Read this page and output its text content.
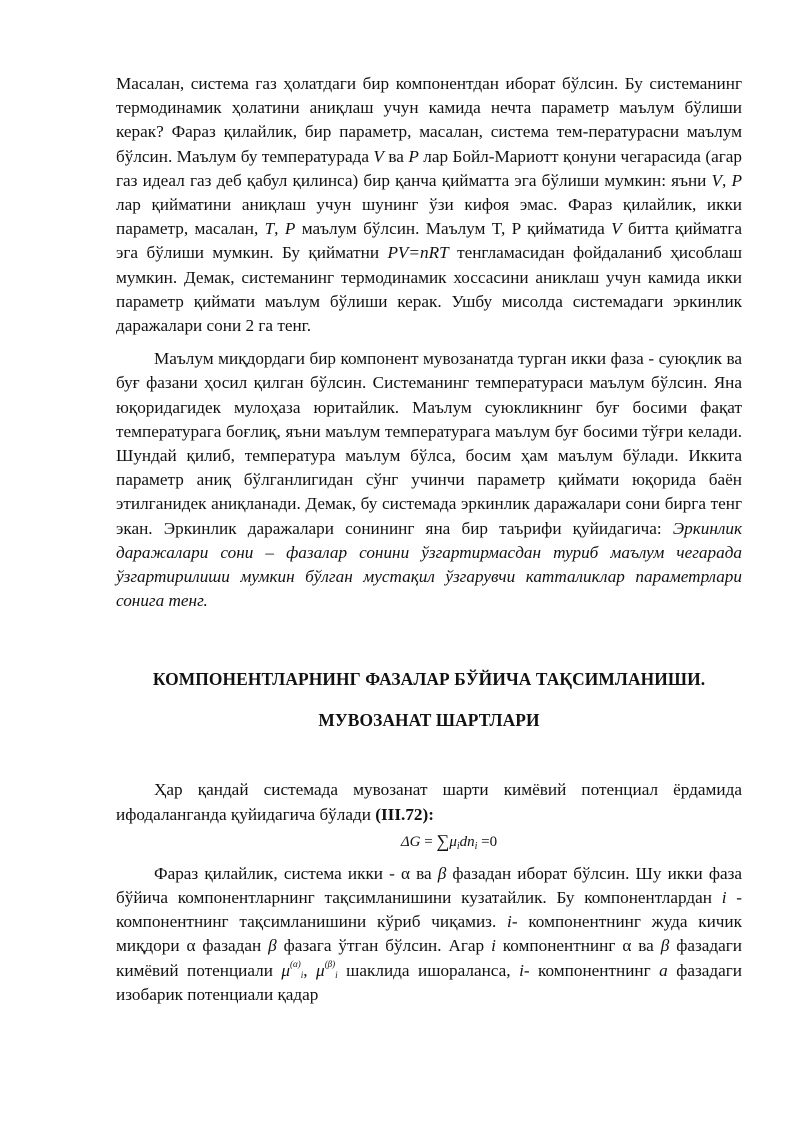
Масалан, система газ ҳолатдаги бир компонентдан иборат бўлсин. Бу системанинг термодинамик ҳолатини аниқлаш учун камида нечта параметр маълум бўлиши керак? Фараз қилайлик, бир параметр, масалан, система тем-пературасни маълум бўлсин. Маълум бу температурада V ва P лар Бойл-Мариотт қонуни чегарасида (агар газ идеал газ деб қабул қилинса) бир қанча қийматта эга бўлиши мумкин: яъни V, P лар қийматини аниқлаш учун шунинг ўзи кифоя эмас. Фараз қилайлик, икки параметр, масалан, T, P маълум бўлсин. Маълум T, P қийматида V битта қийматга эга бўлиши мумкин. Бу қийматни PV=nRT тенгламасидан фойдаланиб ҳисоблаш мумкин. Демак, системанинг термодинамик хоссасини аниклаш учун камида икки параметр қиймати маълум бўлиши керак. Ушбу мисолда системадаги эркинлик даражалари сони 2 га тенг.

Маълум миқдордаги бир компонент мувозанатда турган икки фаза - суюқлик ва буғ фазани ҳосил қилган бўлсин. Системанинг температураси маълум бўлсин. Яна юқоридагидек мулоҳаза юритайлик. Маълум суюкликнинг буғ босими фақат температурага боғлиқ, яъни маълум температурага маълум буғ босими тўғри келади. Шундай қилиб, температура маълум бўлса, босим ҳам маълум бўлади. Иккита параметр аниқ бўлганлигидан сўнг учинчи параметр қиймати юқорида баён этилганидек аниқланади. Демак, бу системада эркинлик даражалари сони бирга тенг экан. Эркинлик даражалари сонининг яна бир таърифи қуйидагича: Эркинлик даражалари сони – фазалар сонини ўзгартирмасдан туриб маълум чегарада ўзгартирилиши мумкин бўлган мустақил ўзгарувчи катталиклар параметрлари сонига тенг.

КОМПОНЕНТЛАРНИНГ ФАЗАЛАР БЎЙИЧА ТАҚСИМЛАНИШИ.

МУВОЗАНАТ ШАРТЛАРИ

Ҳар қандай системада мувозанат шарти кимёвий потенциал ёрдамида ифодаланганда қуйидагича бўлади (III.72):

$\Delta G = \sum\mu_idn_i =0$

Фараз қилайлик, система икки - α ва β фазадан иборат бўлсин. Шу икки фаза бўйича компонентларнинг тақсимланишини кузатайлик. Бу компонентлардан i - компонентнинг тақсимланишини кўриб чиқамиз. i- компонентнинг жуда кичик миқдори α фазадан β фазага ўтган бўлсин. Агар i компонентнинг α ва β фазадаги кимёвий потенциали $\mu^{(\alpha)}_i$, $\mu^{(\beta)}_i$ шаклида ишораланса, i- компонентнинг a фазадаги изобарик потенциали қадар
